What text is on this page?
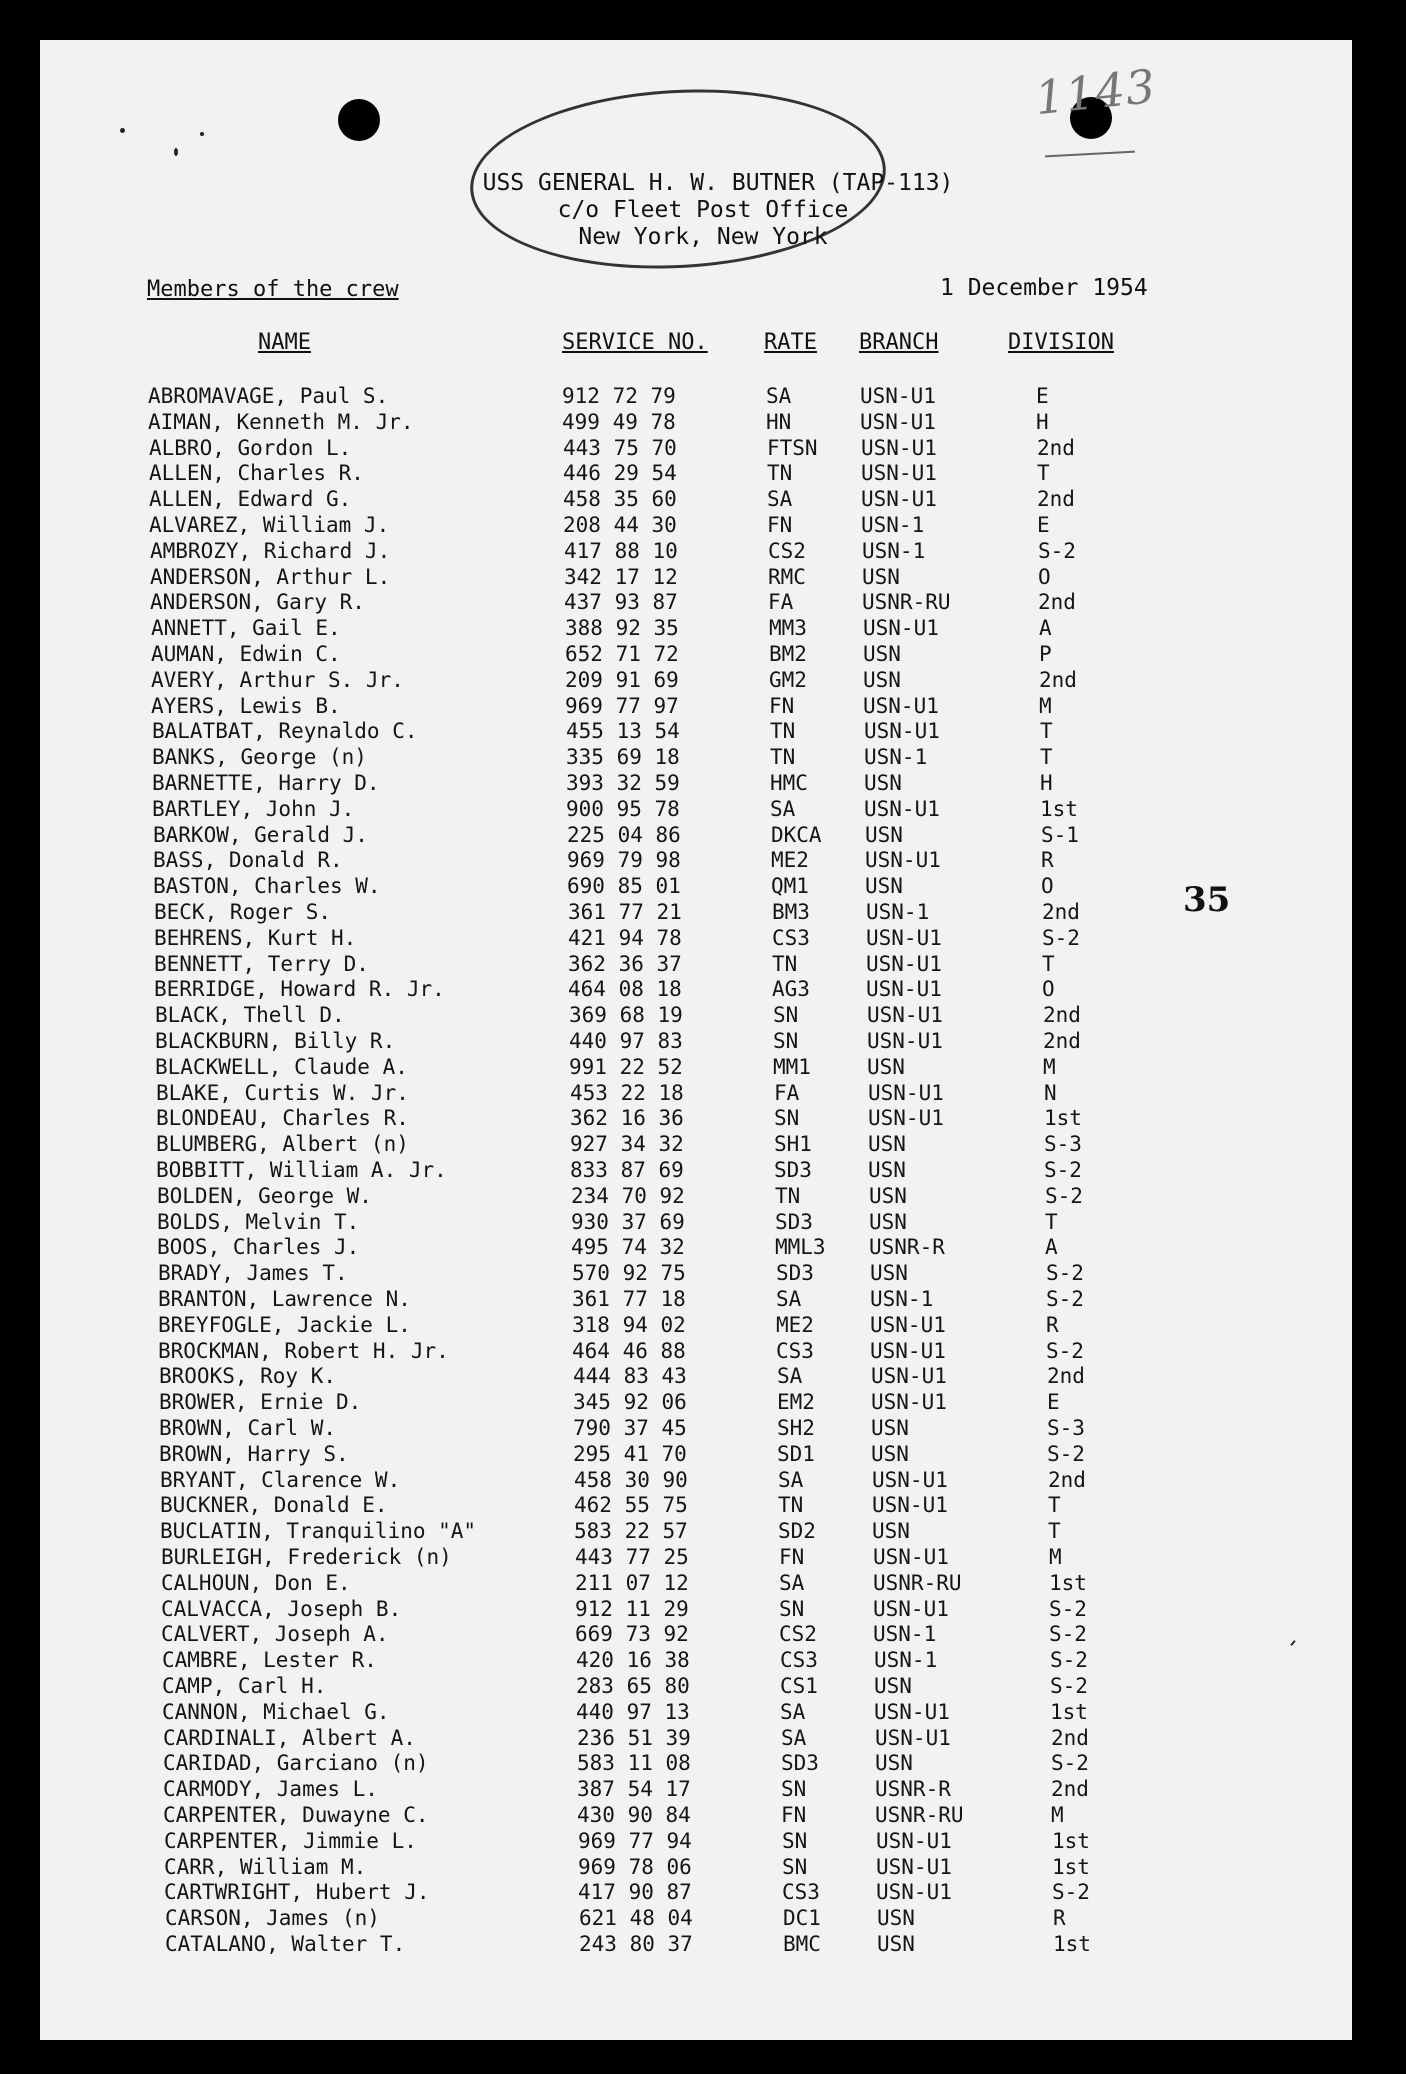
1143
USS GENERAL H. W. BUTNER (TAP-113)
c/o Fleet Post Office
New York, New York
Members of the crew	1 December 1954
NAME	SERVICE NO.	RATE BRANCH	DIVISION
ABROMAVAGE, Paul S.	912 72 79	SA	USN-U1	E
AIMAN, Kenneth M. Jr.	499 49 78	HN	USN-U1	H
ALBRO, Gordon L.	443 75 70	FTSN USN-U1	2nd
ALLEN, Charles R.	446 29 54	TN	USN-U1	T
ALLEN, Edward G.	458 35 60	SA	USN-U1	2nd
ALVAREZ, William J.	208 44 30	FN	USN-1	E
AMBROZY, Richard J.	417 88 10	CS2	USN-1	S-2
ANDERSON, Arthur L.	342 17 12	RMC	USN	O
ANDERSON, Gary R.	437 93 87	FA	USNR-RU	2nd
ANNETT, Gail E.	388 92 35	MM3	USN-U1	A
AUMAN, Edwin C.	652 71 72	BM2	USN	P
AVERY, Arthur S. Jr.	209 91 69	GM2	USN	2nd
AYERS, Lewis B.	969 77 97	FN	USN-U1	M
BALATBAT, Reynaldo C.	455 13 54	TN	USN-U1	T
BANKS, George (n)	335 69 18	TN	USN-1	T
BARNETTE, Harry D.	393 32 59	HMC	USN	H
BARTLEY, John J.	900 95 78	SA	USN-U1	1st
BARKOW, Gerald J.	225 04 86	DKCA USN	S-1
BASS, Donald R.	969 79 98	ME2	USN-U1	R
BASTON, Charles W.	690 85 01	QM1	USN	O
BECK, Roger S.	361 77 21	BM3	USN-1	2nd
BEHRENS, Kurt H.	421 94 78	CS3	USN-U1	S-2
BENNETT, Terry D.	362 36 37	TN	USN-U1	T
BERRIDGE, Howard R. Jr.	464 08 18	AG3	USN-U1	O
BLACK, Thell D.	369 68 19	SN	USN-U1	2nd
BLACKBURN, Billy R.	440 97 83	SN	USN-U1	2nd
BLACKWELL, Claude A.	991 22 52	MM1	USN	M
BLAKE, Curtis W. Jr.	453 22 18	FA	USN-U1	N
BLONDEAU, Charles R.	362 16 36	SN	USN-U1	1st
BLUMBERG, Albert (n)	927 34 32	SH1	USN	S-3
BOBBITT, William A. Jr.	833 87 69	SD3	USN	S-2
BOLDEN, George W.	234 70 92	TN	USN	S-2
BOLDS, Melvin T.	930 37 69	SD3	USN	T
BOOS, Charles J.	495 74 32	MML3 USNR-R	A
BRADY, James T.	570 92 75	SD3	USN	S-2
BRANTON, Lawrence N.	361 77 18	SA	USN-1	S-2
BREYFOGLE, Jackie L.	318 94 02	ME2	USN-U1	R
BROCKMAN, Robert H. Jr.	464 46 88	CS3	USN-U1	S-2
BROOKS, Roy K.	444 83 43	SA	USN-U1	2nd
BROWER, Ernie D.	345 92 06	EM2	USN-U1	E
BROWN, Carl W.	790 37 45	SH2	USN	S-3
BROWN, Harry S.	295 41 70	SD1	USN	S-2
BRYANT, Clarence W.	458 30 90	SA	USN-U1	2nd
BUCKNER, Donald E.	462 55 75	TN	USN-U1	T
BUCLATIN, Tranquilino "A"	583 22 57	SD2	USN	T
BURLEIGH, Frederick (n)	443 77 25	FN	USN-U1	M
CALHOUN, Don E.	211 07 12	SA	USNR-RU	1st
CALVACCA, Joseph B.	912 11 29	SN	USN-U1	S-2
CALVERT, Joseph A.	669 73 92	CS2	USN-1	S-2
CAMBRE, Lester R.	420 16 38	CS3	USN-1	S-2
CAMP, Carl H.	283 65 80	CS1	USN	S-2
CANNON, Michael G.	440 97 13	SA	USN-U1	1st
CARDINALI, Albert A.	236 51 39	SA	USN-U1	2nd
CARIDAD, Garciano (n)	583 11 08	SD3	USN	S-2
CARMODY, James L.	387 54 17	SN	USNR-R	2nd
CARPENTER, Duwayne C.	430 90 84	FN	USNR-RU	M
CARPENTER, Jimmie L.	969 77 94	SN	USN-U1	1st
CARR, William M.	969 78 06	SN	USN-U1	1st
CARTWRIGHT, Hubert J.	417 90 87	CS3	USN-U1	S-2
CARSON, James (n)	621 48 04	DC1	USN	R
CATALANO, Walter T.	243 80 37	BMC	USN	1st
35
